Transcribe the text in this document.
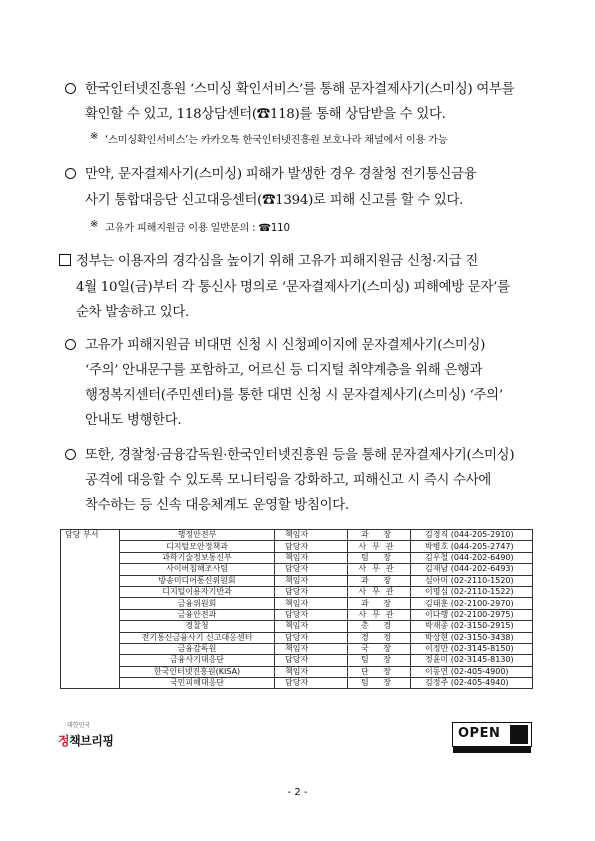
한국인터넷진흥원 ‘스미싱 확인서비스’를 통해 문자결제사기(스미싱) 여부를
확인할 수 있고, 118상담센터(☎118)를 통해 상담받을 수 있다.
※ ‘스미싱확인서비스’는 카카오톡 한국인터넷진흥원 보호나라 채널에서 이용 가능
만약, 문자결제사기(스미싱) 피해가 발생한 경우 경찰청 전기통신금융
사기 통합대응단 신고대응센터(☎1394)로 피해 신고를 할 수 있다.
※ 고유가 피해지원금 이용 일반문의 : ☎110
정부는 이용자의 경각심을 높이기 위해 고유가 피해지원금 신청·지급 진
4월 10일(금)부터 각 통신사 명의로 ‘문자결제사기(스미싱) 피해예방 문자’를
순차 발송하고 있다.
고유가 피해지원금 비대면 신청 시 신청페이지에 문자결제사기(스미싱)
‘주의’ 안내문구를 포함하고, 어르신 등 디지털 취약계층을 위해 은행과
행정복지센터(주민센터)를 통한 대면 신청 시 문자결제사기(스미싱) ‘주의’
안내도 병행한다.
또한, 경찰청·금융감독원·한국인터넷진흥원 등을 통해 문자결제사기(스미싱)
공격에 대응할 수 있도록 모니터링을 강화하고, 피해신고 시 즉시 수사에
착수하는 등 신속 대응체계도 운영할 방침이다.
담당 부서	행정안전부	책임자	과 장	김경직 (044-205-2910)
	디지털모안정책과	담당자	사무관	박병호 (044-205-2747)
	과학기술정보통신부	책임자	팀 장	김우철 (044-202-6490)
	사이버침해조사팀	담당자	사무관	김재남 (044-202-6493)
	방송미디어통신위원회	책임자	과 장	심아미 (02-2110-1520)
	디지털이용자기반과	담당자	사무관	이명심 (02-2110-1522)
	금융위원회	책임자	과 장	김태훈 (02-2100-2970)
	금융안전과	담당자	사무관	이다행 (02-2100-2975)
	경찰청	책임자	총 경	박재종 (02-3150-2915)
	전기통신금융사기 신고대응센터	담당자	경 정	박상현 (02-3150-3438)
	금융감독원	책임자	국 장	이정만 (02-3145-8150)
	금융사기대응단	담당자	팀 장	정윤미 (02-3145-8130)
	한국인터넷진흥원(KISA)	책임자	단 장	이동연 (02-405-4900)
	국민피해대응단	담당자	팀 장	김정주 (02-405-4940)
대한민국
정책브리핑	OPEN
- 2 -
